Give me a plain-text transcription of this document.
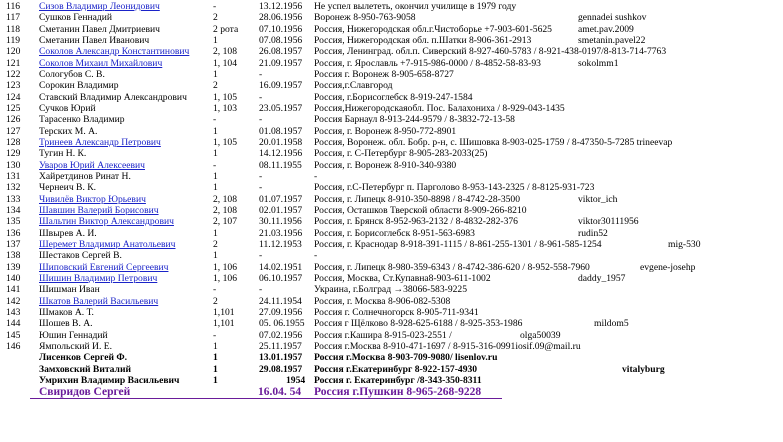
116	Сизов Владимир Леонидович	-	13.12.1956 Не успел вылететь, окончил училище в 1979 году
117	Сушков Геннадий	2	28.06.1956 Воронеж 8-950-763-9058	gennadei sushkov
118	Сметанин Павел Дмитриевич	2 рота 07.10.1956 Россия, Нижегородская обл.г.Чистоборье +7-903-601-5625	amet.pav.2009
119	Сметанин Павел Иванович	1	07.08.1956 Россия, Нижегородская обл. п.Шатки 8-906-361-2913	smetanin.pavel22
120	Соколов Александр Константинович 2, 108 26.08.1957 Россия, Ленинград. обл.п. Сиверский 8-927-460-5783 / 8-921-438-0197/8-813-714-7763
121	Соколов Михаил Михайлович	1, 104 21.09.1957 Россия, г. Ярославль +7-915-986-0000 / 8-4852-58-83-93	sokolmm1
122	Сологубов С. В.	1	-	Россия г. Воронеж 8-905-658-8727
123	Сорокин Владимир	2	16.09.1957 Россия,г.Славгород
124	Ставский Владимир Александрович	1, 105 -	Россия, г.Борисоглебск 8-919-247-1584
125	Сучков Юрий	1, 103 23.05.1957 Россия,Нижегородскаяобл. Пос. Балахониха / 8-929-043-1435
126	Тарасенко Владимир	-	-	Россия Барнаул 8-913-244-9579 / 8-3832-72-13-58
127	Терских М. А.	1	01.08.1957 Россия, г. Воронеж 8-950-772-8901
128	Тринеев Александр Петрович	1, 105 20.01.1958 Россия, Воронеж. обл. Бобр. р-н, с. Шишовка 8-903-025-1759 / 8-47350-5-7285 trineevap
129	Тугин Н. К.	1	14.12.1956 Россия, г. С-Петербург 8-905-283-2033(25)
130	Уваров Юрий Алексеевич	-	08.11.1955 Россия, г. Воронеж 8-910-340-9380
131	Хайретдинов Ринат Н.	1	-	-
132	Чернеич В. К.	1	-	Россия, г.С-Петербург п. Парголово 8-953-143-2325 / 8-8125-931-723
133	Чивилёв Виктор Юрьевич	2, 108 01.07.1957 Россия, г. Липецк 8-910-350-8898 / 8-4742-28-3500	viktor_ich
134	Шавшин Валерий Борисович	2, 108 02.01.1957 Россия, Осташков Тверской области 8-909-266-8210
135	Шальтин Виктор Александрович	2, 107 30.11.1956 Россия, г. Брянск 8-952-963-2132 / 8-4832-282-376	viktor30111956
136	Швырев А. И.	1	21.03.1956 Россия, г. Борисоглебск 8-951-563-6983	rudin52
137	Шеремет Владимир Анатольевич	2	11.12.1953 Россия, г. Краснодар 8-918-391-1115 / 8-861-255-1301 / 8-961-585-1254	mig-530
138	Шестаков Сергей В.	1	-	-
139	Шиповский Евгений Сергеевич	1, 106 14.02.1951 Россия, г. Липецк 8-980-359-6343 / 8-4742-386-620 / 8-952-558-7960	evgene-josehp
140	Шишин Владимир Петрович	1, 106 06.10.1957 Россия, Москва, Ст.Купавна8-903-611-1002	daddy_1957
141	Шишман Иван	-	-	Украина, г.Болград →38066-583-9225
142	Шкатов Валерий Васильевич	2	24.11.1954 Россия, г. Москва 8-906-082-5308
143	Шмаков А. Т.	1,101	27.09.1956 Россия г. Солнечногорск 8-905-711-9341
144	Шошев В. А.	1,101	05. 06.1955 Россия г Щёлково 8-928-625-6188 / 8-925-353-1986	mildom5
145	Юшин Геннадий	-	07.02.1956 Россия г.Кашира 8-915-023-2551 /	olga50039
146	Ямпольский И. Е.	1	25.11.1957 Россия г.Москва 8-910-471-1697 / 8-915-316-0991iosif.09@mail.ru
Лисенков Сергей Ф.	1	13.01.1957 Россия г.Москва 8-903-709-9080/ lisenlov.ru
Замховский Виталий	1	29.08.1957 Россия г.Екатеринбург 8-922-157-4930	vitalyburg
Умрихин Владимир Васильевич	1	1954 Россия г. Екатеринбург /8-343-350-8311
Свиридов Сергей	16.04. 54 Россия г.Пушкин 8-965-268-9228
